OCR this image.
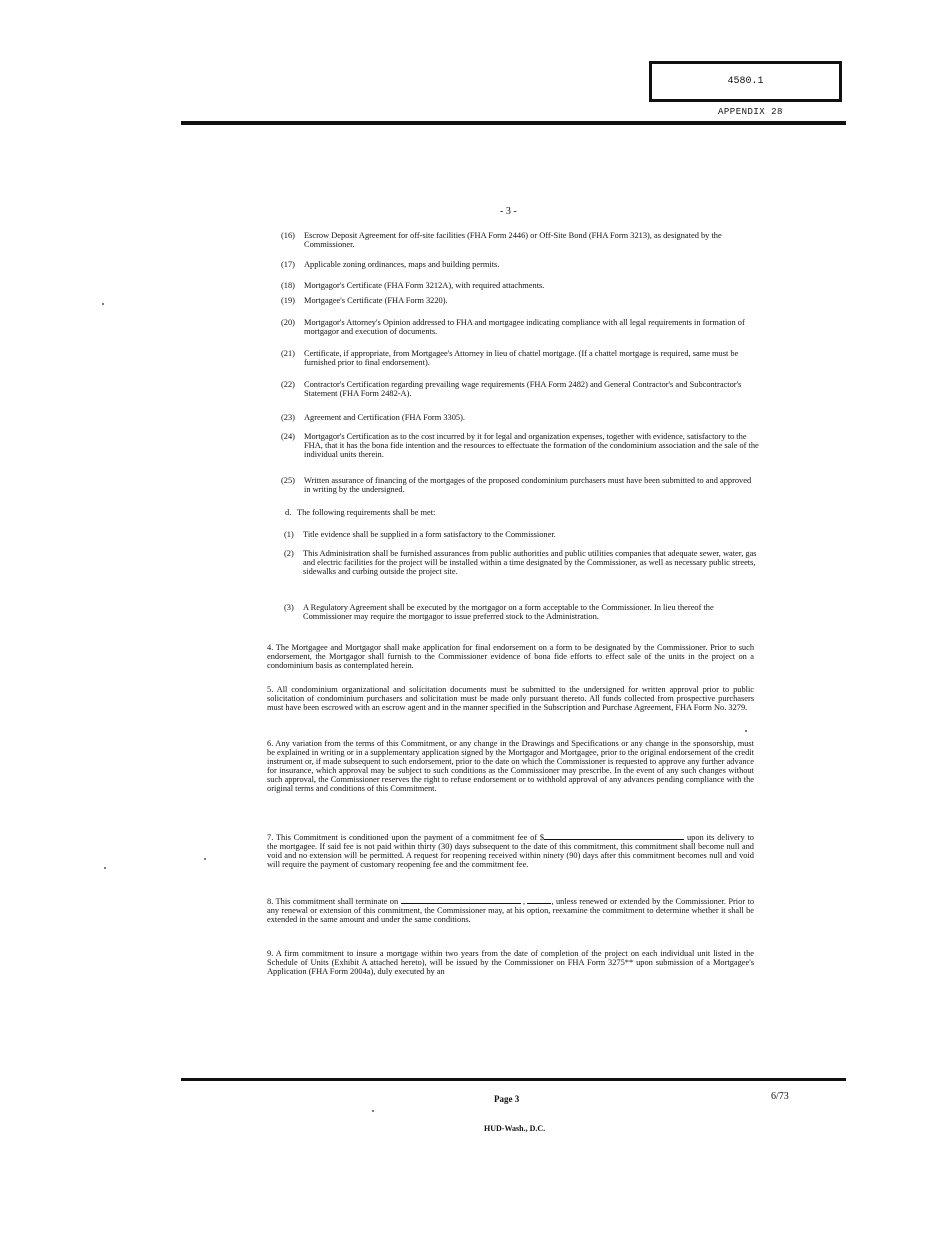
4580.1
APPENDIX 28
- 3 -
(16)	Escrow Deposit Agreement for off-site facilities (FHA Form 2446) or Off-Site Bond (FHA Form 3213), as designated by the Commissioner.
(17)	Applicable zoning ordinances, maps and building permits.
(18)	Mortgagor's Certificate (FHA Form 3212A), with required attachments.
(19)	Mortgagee's Certificate (FHA Form 3220).
(20)	Mortgagor's Attorney's Opinion addressed to FHA and mortgagee indicating compliance with all legal requirements in formation of mortgagor and execution of documents.
(21)	Certificate, if appropriate, from Mortgagee's Attorney in lieu of chattel mortgage. (If a chattel mortgage is required, same must be furnished prior to final endorsement).
(22)	Contractor's Certification regarding prevailing wage requirements (FHA Form 2482) and General Contractor's and Subcontractor's Statement (FHA Form 2482-A).
(23)	Agreement and Certification (FHA Form 3305).
(24)	Mortgagor's Certification as to the cost incurred by it for legal and organization expenses, together with evidence, satisfactory to the FHA, that it has the bona fide intention and the resources to effectuate the formation of the condominium association and the sale of the individual units therein.
(25)	Written assurance of financing of the mortgages of the proposed condominium purchasers must have been submitted to and approved in writing by the undersigned.
d. The following requirements shall be met:
(1)	Title evidence shall be supplied in a form satisfactory to the Commissioner.
(2)	This Administration shall be furnished assurances from public authorities and public utilities companies that adequate sewer, water, gas and electric facilities for the project will be installed within a time designated by the Commissioner, as well as necessary public streets, sidewalks and curbing outside the project site.
(3)	A Regulatory Agreement shall be executed by the mortgagor on a form acceptable to the Commissioner. In lieu thereof the Commissioner may require the mortgagor to issue preferred stock to the Administration.
4. The Mortgagee and Mortgagor shall make application for final endorsement on a form to be designated by the Commissioner. Prior to such endorsement, the Mortgagor shall furnish to the Commissioner evidence of bona fide efforts to effect sale of the units in the project on a condominium basis as contemplated herein.
5. All condominium organizational and solicitation documents must be submitted to the undersigned for written approval prior to public solicitation of condominium purchasers and solicitation must be made only pursuant thereto. All funds collected from prospective purchasers must have been escrowed with an escrow agent and in the manner specified in the Subscription and Purchase Agreement, FHA Form No. 3279.
6. Any variation from the terms of this Commitment, or any change in the Drawings and Specifications or any change in the sponsorship, must be explained in writing or in a supplementary application signed by the Mortgagor and Mortgagee, prior to the original endorsement of the credit instrument or, if made subsequent to such endorsement, prior to the date on which the Commissioner is requested to approve any further advance for insurance, which approval may be subject to such conditions as the Commissioner may prescribe. In the event of any such changes without such approval, the Commissioner reserves the right to refuse endorsement or to withhold approval of any advances pending compliance with the original terms and conditions of this Commitment.
7. This Commitment is conditioned upon the payment of a commitment fee of $	upon its delivery to the mortgagee. If said fee is not paid within thirty (30) days subsequent to the date of this commitment, this commitment shall become null and void and no extension will be permitted. A request for reopening received within ninety (90) days after this commitment becomes null and void will require the payment of customary reopening fee and the commitment fee.
8. This commitment shall terminate on	,	, unless renewed or extended by the Commissioner. Prior to any renewal or extension of this commitment, the Commissioner may, at his option, reexamine the commitment to determine whether it shall be extended in the same amount and under the same conditions.
9. A firm commitment to insure a mortgage within two years from the date of completion of the project on each individual unit listed in the Schedule of Units (Exhibit A attached hereto), will be issued by the Commissioner on FHA Form 3275** upon submission of a Mortgagee's Application (FHA Form 2004a), duly executed by an
Page 3	6/73
HUD-Wash., D.C.
